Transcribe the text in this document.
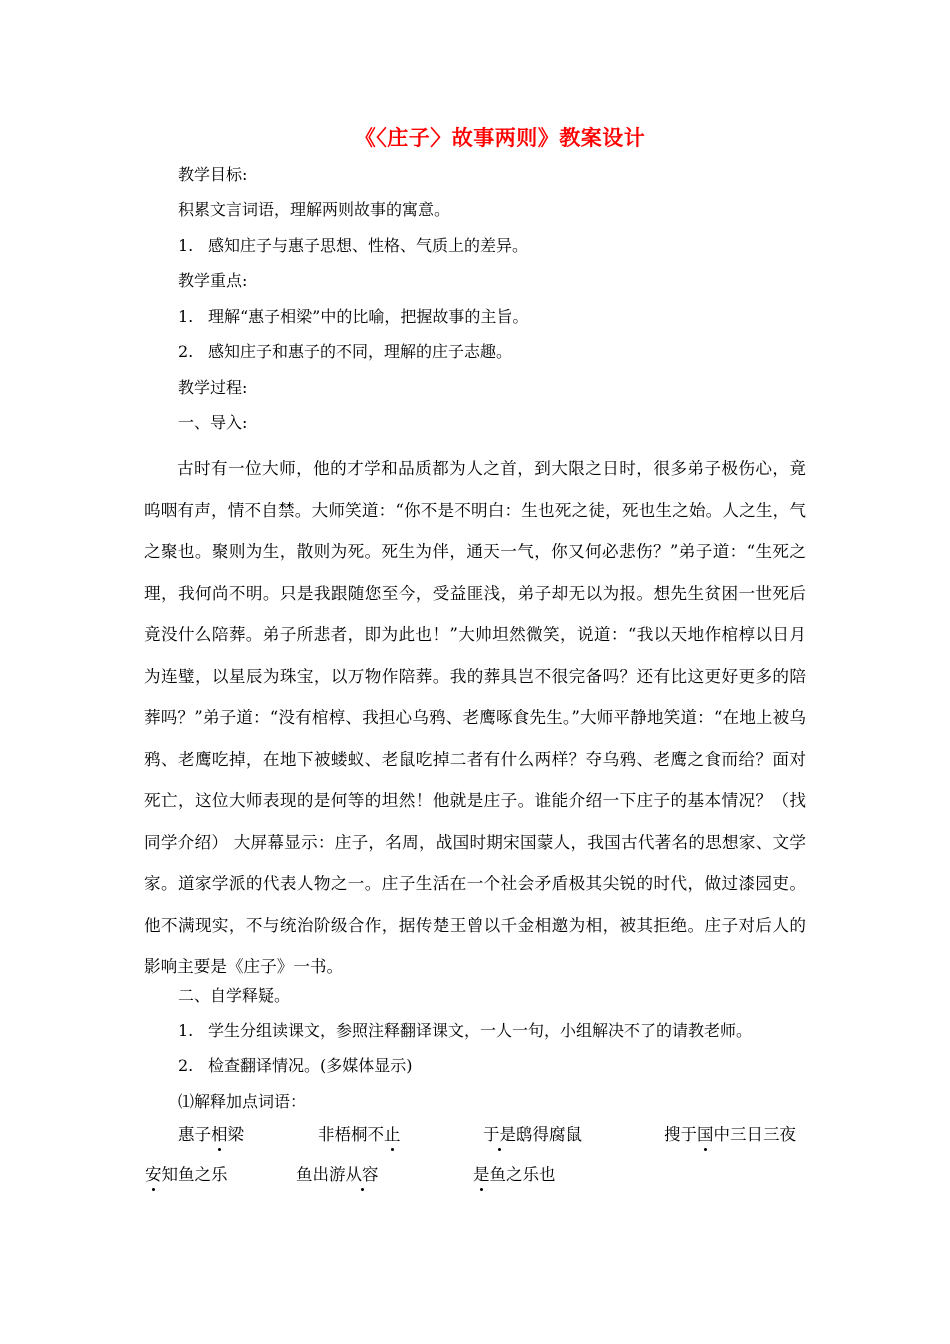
《〈庄子〉故事两则》教案设计
教学目标:
积累文言词语，理解两则故事的寓意。
1. 感知庄子与惠子思想、性格、气质上的差异。
教学重点:
1. 理解“惠子相梁”中的比喻，把握故事的主旨。
2. 感知庄子和惠子的不同，理解的庄子志趣。
教学过程:
一、导入:

古时有一位大师，他的才学和品质都为人之首，到大限之日时，很多弟子极伤心，竟呜咽有声，情不自禁。大师笑道：“你不是不明白：生也死之徒，死也生之始。人之生，气之聚也。聚则为生，散则为死。死生为伴，通天一气，你又何必悲伤？”弟子道：“生死之理，我何尚不明。只是我跟随您至今，受益匪浅，弟子却无以为报。想先生贫困一世死后竟没什么陪葬。弟子所悲者，即为此也！”大帅坦然微笑，说道：“我以天地作棺椁以日月为连璧，以星辰为珠宝，以万物作陪葬。我的葬具岂不很完备吗？还有比这更好更多的陪葬吗？”弟子道：“没有棺椁、我担心乌鸦、老鹰啄食先生。”大师平静地笑道：“在地上被乌鸦、老鹰吃掉，在地下被蝼蚁、老鼠吃掉二者有什么两样？夺乌鸦、老鹰之食而给？面对死亡，这位大师表现的是何等的坦然！他就是庄子。谁能介绍一下庄子的基本情况？（找同学介绍） 大屏幕显示：庄子，名周，战国时期宋国蒙人，我国古代著名的思想家、文学家。道家学派的代表人物之一。庄子生活在一个社会矛盾极其尖锐的时代，做过漆园吏。他不满现实，不与统治阶级合作，据传楚王曾以千金相邀为相，被其拒绝。庄子对后人的影响主要是《庄子》一书。

二、自学释疑。
1. 学生分组读课文，参照注释翻译课文，一人一句，小组解决不了的请教老师。
2. 检查翻译情况。(多媒体显示)
⑴解释加点词语：
惠子相梁	非梧桐不止	于是鸱得腐鼠	搜于国中三日三夜
安知鱼之乐	鱼出游从容	是鱼之乐也
